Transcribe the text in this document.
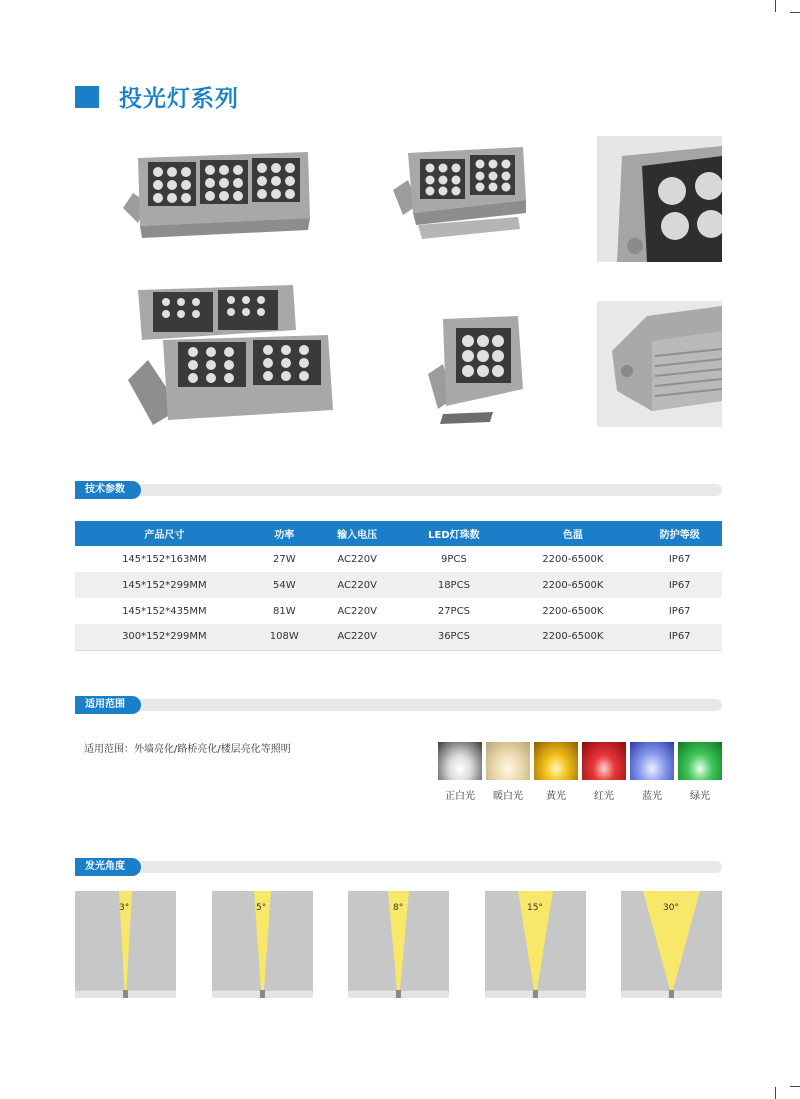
投光灯系列
技术参数
产品尺寸	功率	输入电压	LED灯珠数	色温	防护等级
145*152*163MM	27W	AC220V	9PCS	2200-6500K	IP67
145*152*299MM	54W	AC220V	18PCS	2200-6500K	IP67
145*152*435MM	81W	AC220V	27PCS	2200-6500K	IP67
300*152*299MM	108W	AC220V	36PCS	2200-6500K	IP67
适用范围
适用范围：外墙亮化/路桥亮化/楼层亮化等照明
正白光	暖白光	黄光	红光	蓝光	绿光
发光角度
3°	5°	8°	15°	30°
